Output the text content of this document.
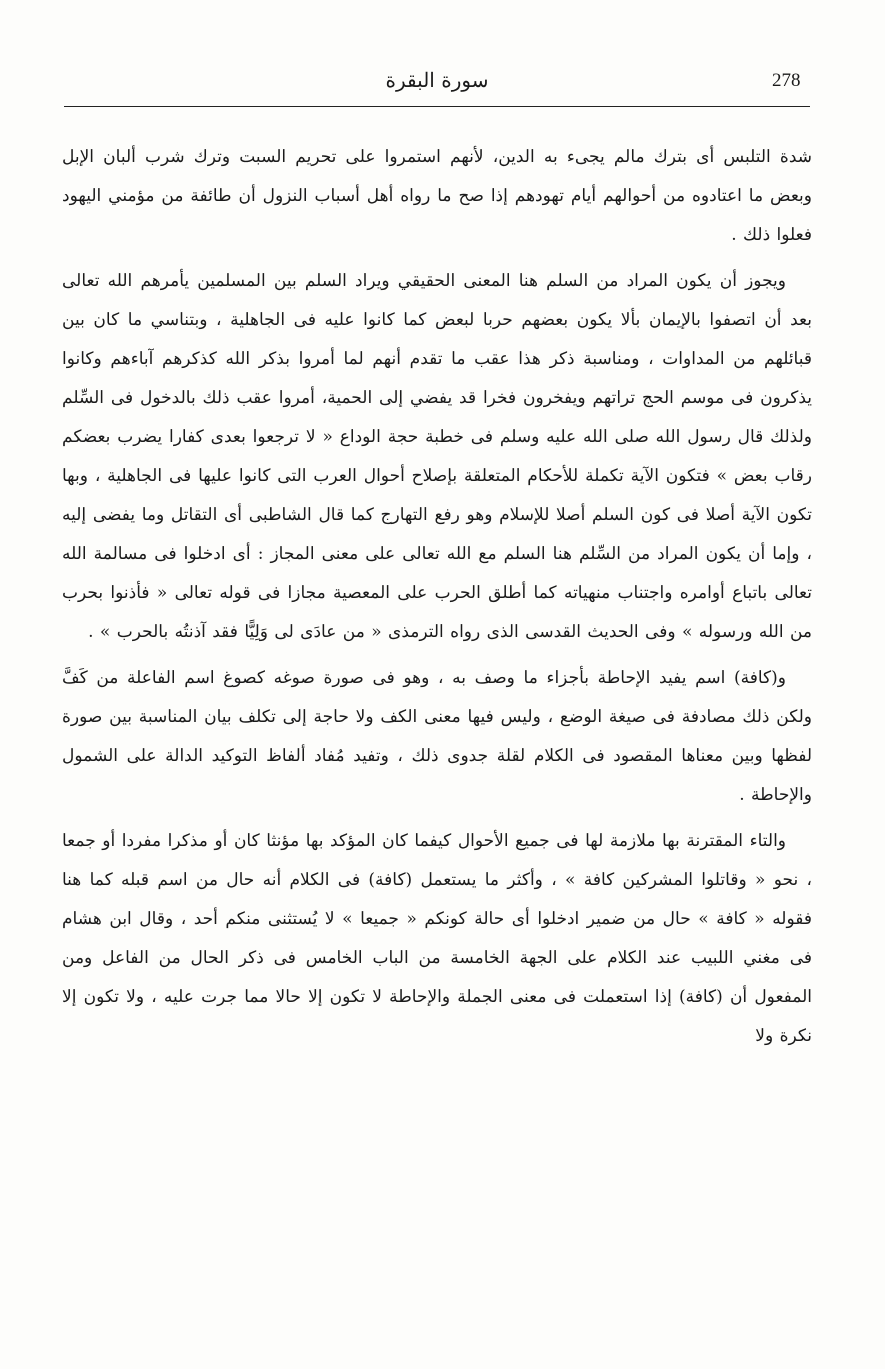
278
سورة البقرة

شدة التلبس أى بترك مالم يجىء به الدين، لأنهم استمروا على تحريم السبت وترك شرب ألبان الإبل وبعض ما اعتادوه من أحوالهم أيام تهودهم إذا صح ما رواه أهل أسباب النزول أن طائفة من مؤمني اليهود فعلوا ذلك .

ويجوز أن يكون المراد من السلم هنا المعنى الحقيقي ويراد السلم بين المسلمين يأمرهم الله تعالى بعد أن اتصفوا بالإيمان بألا يكون بعضهم حربا لبعض كما كانوا عليه فى الجاهلية ، وبتناسي ما كان بين قبائلهم من المداوات ، ومناسبة ذكر هذا عقب ما تقدم أنهم لما أمروا بذكر الله كذكرهم آباءهم وكانوا يذكرون فى موسم الحج تراتهم ويفخرون فخرا قد يفضي إلى الحمية، أمروا عقب ذلك بالدخول فى السِّلم ولذلك قال رسول الله صلى الله عليه وسلم فى خطبة حجة الوداع « لا ترجعوا بعدى كفارا يضرب بعضكم رقاب بعض » فتكون الآية تكملة للأحكام المتعلقة بإصلاح أحوال العرب التى كانوا عليها فى الجاهلية ، وبها تكون الآية أصلا فى كون السلم أصلا للإسلام وهو رفع التهارج كما قال الشاطبى أى التقاتل وما يفضى إليه ، وإما أن يكون المراد من السِّلم هنا السلم مع الله تعالى على معنى المجاز : أى ادخلوا فى مسالمة الله تعالى باتباع أوامره واجتناب منهياته كما أطلق الحرب على المعصية مجازا فى قوله تعالى « فأذنوا بحرب من الله ورسوله » وفى الحديث القدسى الذى رواه الترمذى « من عادَى لى وَلِيًّا فقد آذنتُه بالحرب » .

و(كافة) اسم يفيد الإحاطة بأجزاء ما وصف به ، وهو فى صورة صوغه كصوغ اسم الفاعلة من كَفَّ ولكن ذلك مصادفة فى صيغة الوضع ، وليس فيها معنى الكف ولا حاجة إلى تكلف بيان المناسبة بين صورة لفظها وبين معناها المقصود فى الكلام لقلة جدوى ذلك ، وتفيد مُفاد ألفاظ التوكيد الدالة على الشمول والإحاطة .

والتاء المقترنة بها ملازمة لها فى جميع الأحوال كيفما كان المؤكد بها مؤنثا كان أو مذكرا مفردا أو جمعا ، نحو « وقاتلوا المشركين كافة » ، وأكثر ما يستعمل (كافة) فى الكلام أنه حال من اسم قبله كما هنا فقوله « كافة » حال من ضمير ادخلوا أى حالة كونكم « جميعا » لا يُستثنى منكم أحد ، وقال ابن هشام فى مغني اللبيب عند الكلام على الجهة الخامسة من الباب الخامس فى ذكر الحال من الفاعل ومن المفعول أن (كافة) إذا استعملت فى معنى الجملة والإحاطة لا تكون إلا حالا مما جرت عليه ، ولا تكون إلا نكرة ولا
